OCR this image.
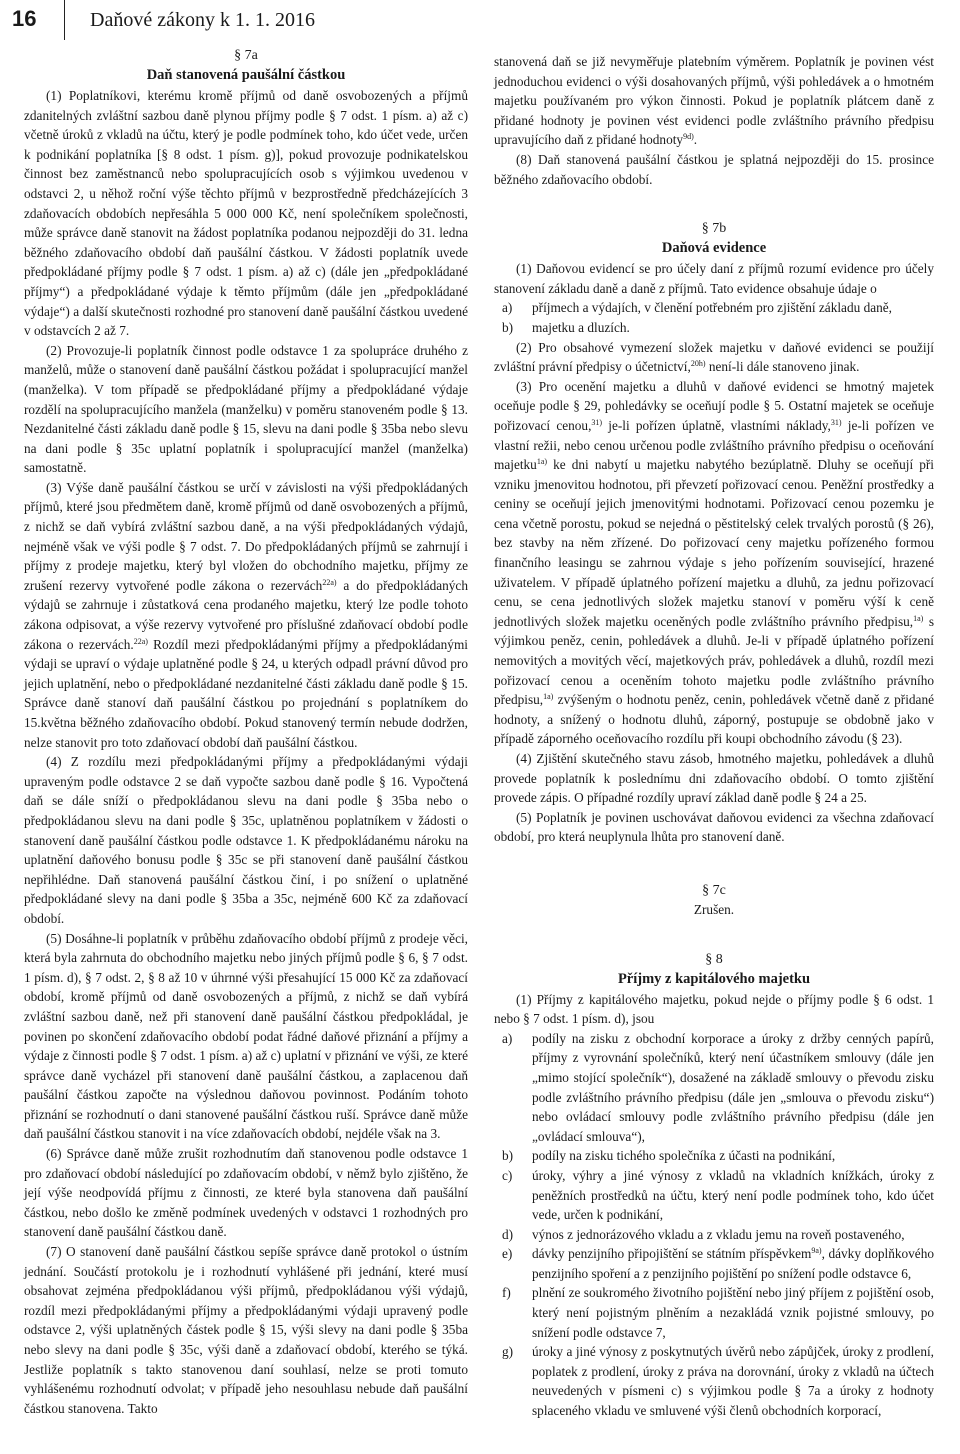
16	Daňové zákony k 1. 1. 2016

§ 7a

Daň stanovená paušální částkou

(1) Poplatníkovi, kterému kromě příjmů od daně osvobozených a příjmů zdanitelných zvláštní sazbou daně plynou příjmy podle § 7 odst. 1 písm. a) až c) včetně úroků z vkladů na účtu, který je podle podmínek toho, kdo účet vede, určen k podnikání poplatníka [§ 8 odst. 1 písm. g)], pokud provozuje podnikatelskou činnost bez zaměstnanců nebo spolupracujících osob s výjimkou uvedenou v odstavci 2, u něhož roční výše těchto příjmů v bezprostředně předcházejících 3 zdaňovacích obdobích nepřesáhla 5 000 000 Kč, není společníkem společnosti, může správce daně stanovit na žádost poplatníka podanou nejpozději do 31. ledna běžného zdaňovacího období daň paušální částkou. V žádosti poplatník uvede předpokládané příjmy podle § 7 odst. 1 písm. a) až c) (dále jen „předpokládané příjmy“) a předpokládané výdaje k těmto příjmům (dále jen „předpokládané výdaje“) a další skutečnosti rozhodné pro stanovení daně paušální částkou uvedené v odstavcích 2 až 7.

(2) Provozuje-li poplatník činnost podle odstavce 1 za spolupráce druhého z manželů, může o stanovení daně paušální částkou požádat i spolupracující manžel (manželka). V tom případě se předpokládané příjmy a předpokládané výdaje rozdělí na spolupracujícího manžela (manželku) v poměru stanoveném podle § 13. Nezdanitelné části základu daně podle § 15, slevu na dani podle § 35ba nebo slevu na dani podle § 35c uplatní poplatník i spolupracující manžel (manželka) samostatně.

(3) Výše daně paušální částkou se určí v závislosti na výši předpokládaných příjmů, které jsou předmětem daně, kromě příjmů od daně osvobozených a příjmů, z nichž se daň vybírá zvláštní sazbou daně, a na výši předpokládaných výdajů, nejméně však ve výši podle § 7 odst. 7. Do předpokládaných příjmů se zahrnují i příjmy z prodeje majetku, který byl vložen do obchodního majetku, příjmy ze zrušení rezervy vytvořené podle zákona o rezervách$^{22a)}$ a do předpokládaných výdajů se zahrnuje i zůstatková cena prodaného majetku, který lze podle tohoto zákona odpisovat, a výše rezervy vytvořené pro příslušné zdaňovací období podle zákona o rezervách.$^{22a)}$ Rozdíl mezi předpokládanými příjmy a předpokládanými výdaji se upraví o výdaje uplatněné podle § 24, u kterých odpadl právní důvod pro jejich uplatnění, nebo o předpokládané nezdanitelné části základu daně podle § 15. Správce daně stanoví daň paušální částkou po projednání s poplatníkem do 15.května běžného zdaňovacího období. Pokud stanovený termín nebude dodržen, nelze stanovit pro toto zdaňovací období daň paušální částkou.

(4) Z rozdílu mezi předpokládanými příjmy a předpokládanými výdaji upraveným podle odstavce 2 se daň vypočte sazbou daně podle § 16. Vypočtená daň se dále sníží o předpokládanou slevu na dani podle § 35ba nebo o předpokládanou slevu na dani podle § 35c, uplatněnou poplatníkem v žádosti o stanovení daně paušální částkou podle odstavce 1. K předpokládanému nároku na uplatnění daňového bonusu podle § 35c se při stanovení daně paušální částkou nepřihlédne. Daň stanovená paušální částkou činí, i po snížení o uplatněné předpokládané slevy na dani podle § 35ba a 35c, nejméně 600 Kč za zdaňovací období.

(5) Dosáhne-li poplatník v průběhu zdaňovacího období příjmů z prodeje věci, která byla zahrnuta do obchodního majetku nebo jiných příjmů podle § 6, § 7 odst. 1 písm. d), § 7 odst. 2, § 8 až 10 v úhrnné výši přesahující 15 000 Kč za zdaňovací období, kromě příjmů od daně osvobozených a příjmů, z nichž se daň vybírá zvláštní sazbou daně, než při stanovení daně paušální částkou předpokládal, je povinen po skončení zdaňovacího období podat řádné daňové přiznání a příjmy a výdaje z činnosti podle § 7 odst. 1 písm. a) až c) uplatní v přiznání ve výši, ze které správce daně vycházel při stanovení daně paušální částkou, a zaplacenou daň paušální částkou započte na výslednou daňovou povinnost. Podáním tohoto přiznání se rozhodnutí o dani stanovené paušální částkou ruší. Správce daně může daň paušální částkou stanovit i na více zdaňovacích období, nejdéle však na 3.

(6) Správce daně může zrušit rozhodnutím daň stanovenou podle odstavce 1 pro zdaňovací období následující po zdaňovacím období, v němž bylo zjištěno, že její výše neodpovídá příjmu z činnosti, ze které byla stanovena daň paušální částkou, nebo došlo ke změně podmínek uvedených v odstavci 1 rozhodných pro stanovení daně paušální částkou daně.

(7) O stanovení daně paušální částkou sepíše správce daně protokol o ústním jednání. Součástí protokolu je i rozhodnutí vyhlášené při jednání, které musí obsahovat zejména předpokládanou výši příjmů, předpokládanou výši výdajů, rozdíl mezi předpokládanými příjmy a předpokládanými výdaji upravený podle odstavce 2, výši uplatněných částek podle § 15, výši slevy na dani podle § 35ba nebo slevy na dani podle § 35c, výši daně a zdaňovací období, kterého se týká. Jestliže poplatník s takto stanovenou daní souhlasí, nelze se proti tomuto vyhlášenému rozhodnutí odvolat; v případě jeho nesouhlasu nebude daň paušální částkou stanovena. Takto

stanovená daň se již nevyměřuje platebním výměrem. Poplatník je povinen vést jednoduchou evidenci o výši dosahovaných příjmů, výši pohledávek a o hmotném majetku používaném pro výkon činnosti. Pokud je poplatník plátcem daně z přidané hodnoty je povinen vést evidenci podle zvláštního právního předpisu upravujícího daň z přidané hodnoty$^{9d)}$.

(8) Daň stanovená paušální částkou je splatná nejpozději do 15. prosince běžného zdaňovacího období.

§ 7b

Daňová evidence

(1) Daňovou evidencí se pro účely daní z příjmů rozumí evidence pro účely stanovení základu daně a daně z příjmů. Tato evidence obsahuje údaje o

a) příjmech a výdajích, v členění potřebném pro zjištění základu daně,
b) majetku a dluzích.

(2) Pro obsahové vymezení složek majetku v daňové evidenci se použijí zvláštní právní předpisy o účetnictví,$^{20h)}$ není-li dále stanoveno jinak.

(3) Pro ocenění majetku a dluhů v daňové evidenci se hmotný majetek oceňuje podle § 29, pohledávky se oceňují podle § 5. Ostatní majetek se oceňuje pořizovací cenou,$^{31)}$ je-li pořízen úplatně, vlastními náklady,$^{31)}$ je-li pořízen ve vlastní režii, nebo cenou určenou podle zvláštního právního předpisu o oceňování majetku$^{1a)}$ ke dni nabytí u majetku nabytého bezúplatně. Dluhy se oceňují při vzniku jmenovitou hodnotou, při převzetí pořizovací cenou. Peněžní prostředky a ceniny se oceňují jejich jmenovitými hodnotami. Pořizovací cenou pozemku je cena včetně porostu, pokud se nejedná o pěstitelský celek trvalých porostů (§ 26), bez stavby na něm zřízené. Do pořizovací ceny majetku pořízeného formou finančního leasingu se zahrnou výdaje s jeho pořízením související, hrazené uživatelem. V případě úplatného pořízení majetku a dluhů, za jednu pořizovací cenu, se cena jednotlivých složek majetku stanoví v poměru výší k ceně jednotlivých složek majetku oceněných podle zvláštního právního předpisu,$^{1a)}$ s výjimkou peněz, cenin, pohledávek a dluhů. Je-li v případě úplatného pořízení nemovitých a movitých věcí, majetkových práv, pohledávek a dluhů, rozdíl mezi pořizovací cenou a oceněním tohoto majetku podle zvláštního právního předpisu,$^{1a)}$ zvýšeným o hodnotu peněz, cenin, pohledávek včetně daně z přidané hodnoty, a snížený o hodnotu dluhů, záporný, postupuje se obdobně jako v případě záporného oceňovacího rozdílu při koupi obchodního závodu (§ 23).

(4) Zjištění skutečného stavu zásob, hmotného majetku, pohledávek a dluhů provede poplatník k poslednímu dni zdaňovacího období. O tomto zjištění provede zápis. O případné rozdíly upraví základ daně podle § 24 a 25.

(5) Poplatník je povinen uschovávat daňovou evidenci za všechna zdaňovací období, pro která neuplynula lhůta pro stanovení daně.

§ 7c

Zrušen.

§ 8

Příjmy z kapitálového majetku

(1) Příjmy z kapitálového majetku, pokud nejde o příjmy podle § 6 odst. 1 nebo § 7 odst. 1 písm. d), jsou

a) podíly na zisku z obchodní korporace a úroky z držby cenných papírů, příjmy z vyrovnání společníků, který není účastníkem smlouvy (dále jen „mimo stojící společník“), dosažené na základě smlouvy o převodu zisku podle zvláštního právního předpisu (dále jen „smlouva o převodu zisku“) nebo ovládací smlouvy podle zvláštního právního předpisu (dále jen „ovládací smlouva“),
b) podíly na zisku tichého společníka z účasti na podnikání,
c) úroky, výhry a jiné výnosy z vkladů na vkladních knížkách, úroky z peněžních prostředků na účtu, který není podle podmínek toho, kdo účet vede, určen k podnikání,
d) výnos z jednorázového vkladu a z vkladu jemu na roveň postaveného,
e) dávky penzijního připojištění se státním příspěvkem$^{9a)}$, dávky doplňkového penzijního spoření a z penzijního pojištění po snížení podle odstavce 6,
f) plnění ze soukromého životního pojištění nebo jiný příjem z pojištění osob, který není pojistným plněním a nezakládá vznik pojistné smlouvy, po snížení podle odstavce 7,
g) úroky a jiné výnosy z poskytnutých úvěrů nebo zápůjček, úroky z prodlení, poplatek z prodlení, úroky z práva na dorovnání, úroky z vkladů na účtech neuvedených v písmeni c) s výjimkou podle § 7a a úroky z hodnoty splaceného vkladu ve smluvené výši členů obchodních korporací,
